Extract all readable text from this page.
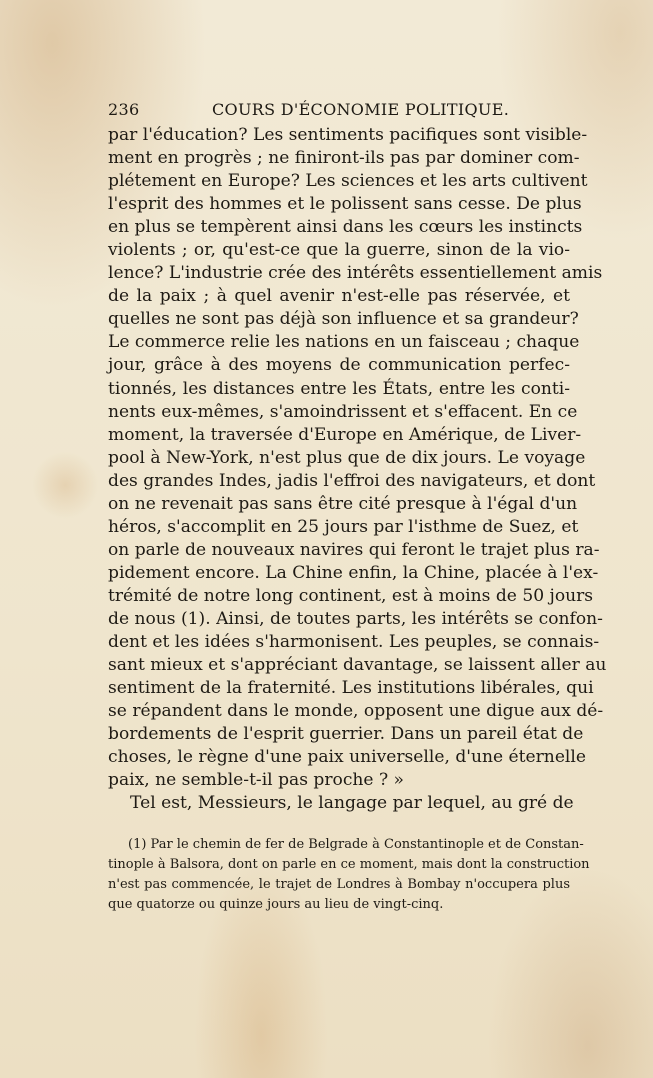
236	COURS D'ÉCONOMIE POLITIQUE.
par l'éducation? Les sentiments pacifiques sont visible-
ment en progrès ; ne finiront-ils pas par dominer com-
plétement en Europe? Les sciences et les arts cultivent
l'esprit des hommes et le polissent sans cesse. De plus
en plus se tempèrent ainsi dans les cœurs les instincts
violents ; or, qu'est-ce que la guerre, sinon de la vio-
lence? L'industrie crée des intérêts essentiellement amis
de la paix ; à quel avenir n'est-elle pas réservée, et
quelles ne sont pas déjà son influence et sa grandeur?
Le commerce relie les nations en un faisceau ; chaque
jour, grâce à des moyens de communication perfec-
tionnés, les distances entre les États, entre les conti-
nents eux-mêmes, s'amoindrissent et s'effacent. En ce
moment, la traversée d'Europe en Amérique, de Liver-
pool à New-York, n'est plus que de dix jours. Le voyage
des grandes Indes, jadis l'effroi des navigateurs, et dont
on ne revenait pas sans être cité presque à l'égal d'un
héros, s'accomplit en 25 jours par l'isthme de Suez, et
on parle de nouveaux navires qui feront le trajet plus ra-
pidement encore. La Chine enfin, la Chine, placée à l'ex-
trémité de notre long continent, est à moins de 50 jours
de nous (1). Ainsi, de toutes parts, les intérêts se confon-
dent et les idées s'harmonisent. Les peuples, se connais-
sant mieux et s'appréciant davantage, se laissent aller au
sentiment de la fraternité. Les institutions libérales, qui
se répandent dans le monde, opposent une digue aux dé-
bordements de l'esprit guerrier. Dans un pareil état de
choses, le règne d'une paix universelle, d'une éternelle
paix, ne semble-t-il pas proche ? »
Tel est, Messieurs, le langage par lequel, au gré de
(1) Par le chemin de fer de Belgrade à Constantinople et de Constan-
tinople à Balsora, dont on parle en ce moment, mais dont la construction
n'est pas commencée, le trajet de Londres à Bombay n'occupera plus
que quatorze ou quinze jours au lieu de vingt-cinq.
